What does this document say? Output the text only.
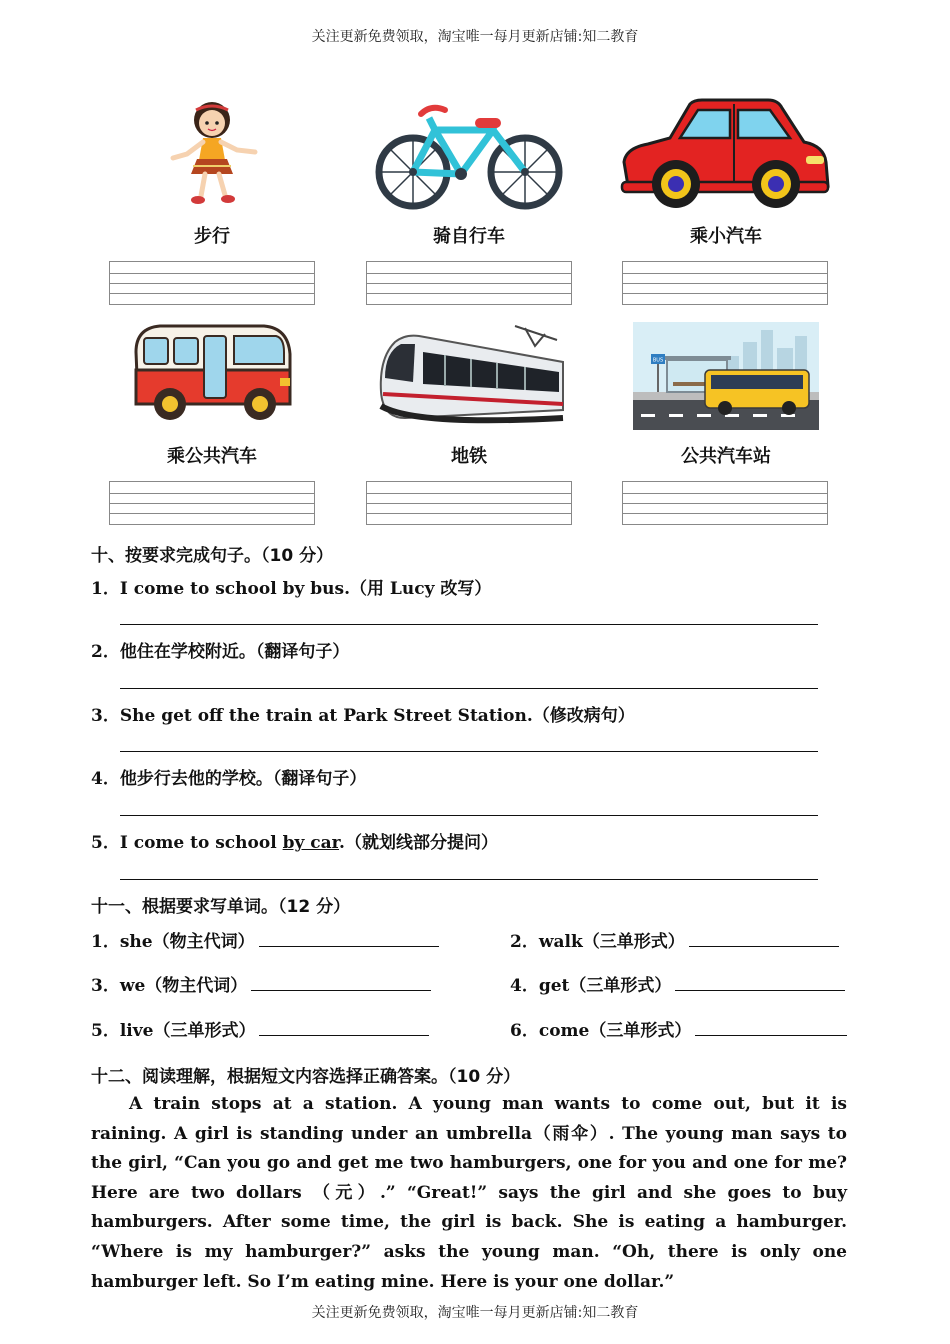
关注更新免费领取，淘宝唯一每月更新店铺:知二教育
步行	骑自行车	乘小汽车
乘公共汽车	地铁
BUS
公共汽车站
十、按要求完成句子。（10 分）
1．I come to school by bus.（用 Lucy 改写）
2．他住在学校附近。（翻译句子）
3．She get off the train at Park Street Station.（修改病句）
4．他步行去他的学校。（翻译句子）
5．I come to school by car.（就划线部分提问）
十一、根据要求写单词。（12 分）
1．she（物主代词）	2．walk（三单形式）
3．we（物主代词）	4．get（三单形式）
5．live（三单形式）	6．come（三单形式）
十二、阅读理解，根据短文内容选择正确答案。（10 分）
A train stops at a station. A young man wants to come out, but it is raining. A girl is standing under an umbrella（雨伞）. The young man says to the girl, “Can you go and get me two hamburgers, one for you and one for me? Here are two dollars （元）.” “Great!” says the girl and she goes to buy hamburgers. After some time, the girl is back. She is eating a hamburger. “Where is my hamburger?” asks the young man. “Oh, there is only one hamburger left. So I’m eating mine. Here is your one dollar.”
关注更新免费领取，淘宝唯一每月更新店铺:知二教育
